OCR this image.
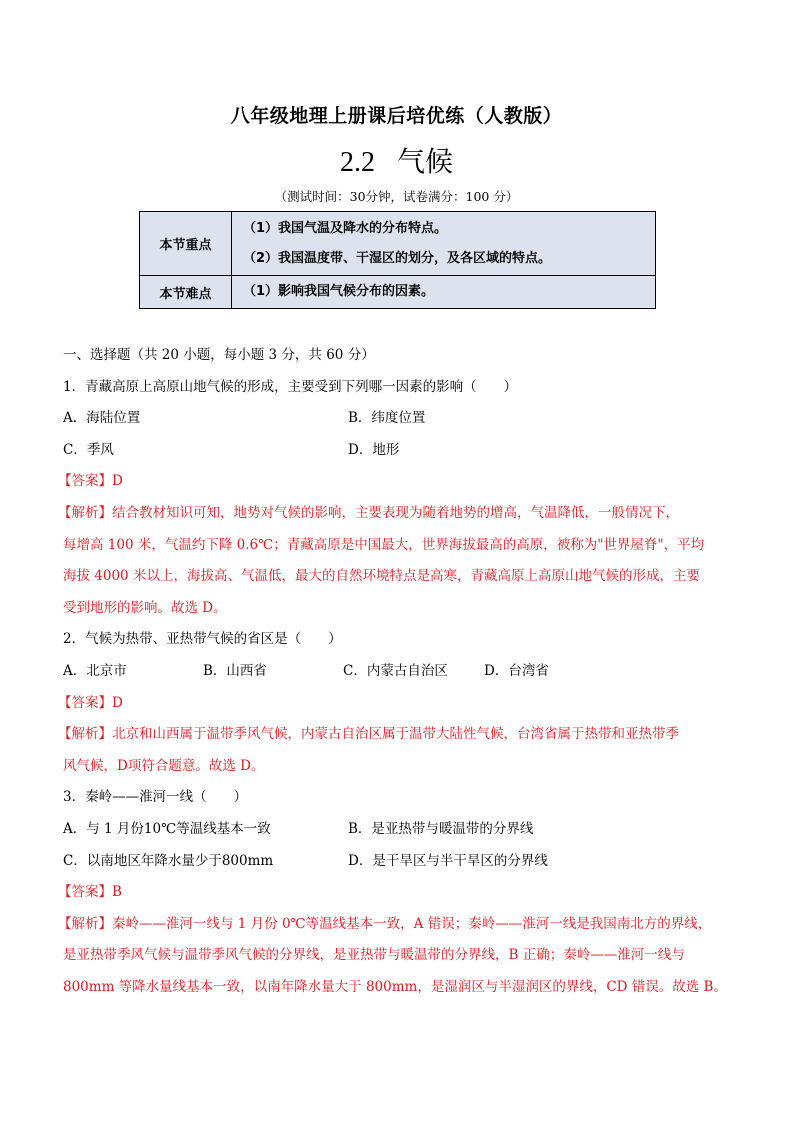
八年级地理上册课后培优练（人教版）
2.2 气候
（测试时间：30分钟，试卷满分：100 分）
本节重点	（1）我国气温及降水的分布特点。
（2）我国温度带、干湿区的划分，及各区域的特点。

本节难点	（1）影响我国气候分布的因素。
一、选择题（共 20 小题，每小题 3 分，共 60 分）
1．青藏高原上高原山地气候的形成，主要受到下列哪一因素的影响（　　）
A．海陆位置	B．纬度位置
C．季风	D．地形
【答案】D
【解析】结合教材知识可知，地势对气候的影响，主要表现为随着地势的增高，气温降低，一般情况下，
每增高 100 米，气温约下降 0.6℃；青藏高原是中国最大，世界海拔最高的高原，被称为"世界屋脊"，平均
海拔 4000 米以上，海拔高、气温低，最大的自然环境特点是高寒，青藏高原上高原山地气候的形成，主要
受到地形的影响。故选 D。
2．气候为热带、亚热带气候的省区是（　　）
A．北京市	B．山西省	C．内蒙古自治区	D．台湾省
【答案】D
【解析】北京和山西属于温带季风气候，内蒙古自治区属于温带大陆性气候，台湾省属于热带和亚热带季
风气候，D项符合题意。故选 D。
3．秦岭——淮河一线（　　）
A．与 1 月份10℃等温线基本一致	B．是亚热带与暖温带的分界线
C．以南地区年降水量少于800mm	D．是干旱区与半干旱区的分界线
【答案】B
【解析】秦岭——淮河一线与 1 月份 0℃等温线基本一致，A 错误；秦岭——淮河一线是我国南北方的界线，
是亚热带季风气候与温带季风气候的分界线，是亚热带与暖温带的分界线，B 正确；秦岭——淮河一线与
800mm 等降水量线基本一致，以南年降水量大于 800mm，是湿润区与半湿润区的界线，CD 错误。故选 B。
